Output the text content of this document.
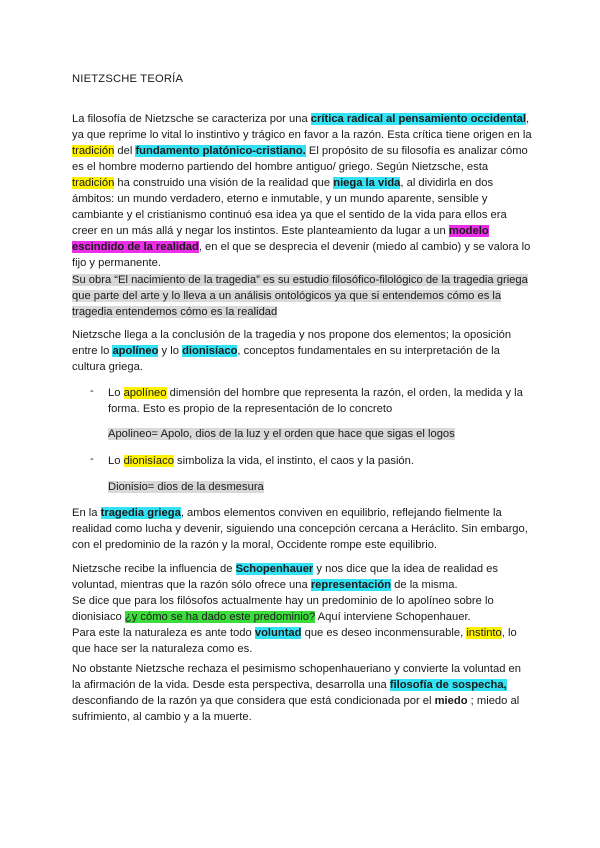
NIETZSCHE TEORÍA
La filosofía de Nietzsche se caracteriza por una crítica radical al pensamiento occidental, ya que reprime lo vital lo instintivo y trágico en favor a la razón. Esta crítica tiene origen en la tradición del fundamento platónico-cristiano. El propósito de su filosofía es analizar cómo es el hombre moderno partiendo del hombre antiguo/ griego. Según Nietzsche, esta tradición ha construido una visión de la realidad que niega la vida, al dividirla en dos ámbitos: un mundo verdadero, eterno e inmutable, y un mundo aparente, sensible y cambiante y el cristianismo continuó esa idea ya que el sentido de la vida para ellos era creer en un más allá y negar los instintos. Este planteamiento da lugar a un modelo escindido de la realidad, en el que se desprecia el devenir (miedo al cambio) y se valora lo fijo y permanente.
Su obra “El nacimiento de la tragedia” es su estudio filosófico-filológico de la tragedia griega que parte del arte y lo lleva a un análisis ontológicos ya que si entendemos cómo es la tragedia entendemos cómo es la realidad
Nietzsche llega a la conclusión de la tragedia y nos propone dos elementos; la oposición entre lo apolíneo y lo dionisíaco, conceptos fundamentales en su interpretación de la cultura griega.
-	Lo apolíneo dimensión del hombre que representa la razón, el orden, la medida y la forma. Esto es propio de la representación de lo concreto
Apolineo= Apolo, dios de la luz y el orden que hace que sigas el logos
-	Lo dionisíaco simboliza la vida, el instinto, el caos y la pasión.
Dionisio= dios de la desmesura
En la tragedia griega, ambos elementos conviven en equilibrio, reflejando fielmente la realidad como lucha y devenir, siguiendo una concepción cercana a Heráclito. Sin embargo, con el predominio de la razón y la moral, Occidente rompe este equilibrio.
Nietzsche recibe la influencia de Schopenhauer y nos dice que la idea de realidad es voluntad, mientras que la razón sólo ofrece una representación de la misma.
Se dice que para los filósofos actualmente hay un predominio de lo apolíneo sobre lo dionisiaco ¿y cómo se ha dado este predominio? Aquí interviene Schopenhauer.
Para este la naturaleza es ante todo voluntad que es deseo inconmensurable, instinto, lo que hace ser la naturaleza como es.
No obstante Nietzsche rechaza el pesimismo schopenhaueriano y convierte la voluntad en la afirmación de la vida. Desde esta perspectiva, desarrolla una filosofía de sospecha, desconfiando de la razón ya que considera que está condicionada por el miedo ; miedo al sufrimiento, al cambio y a la muerte.
